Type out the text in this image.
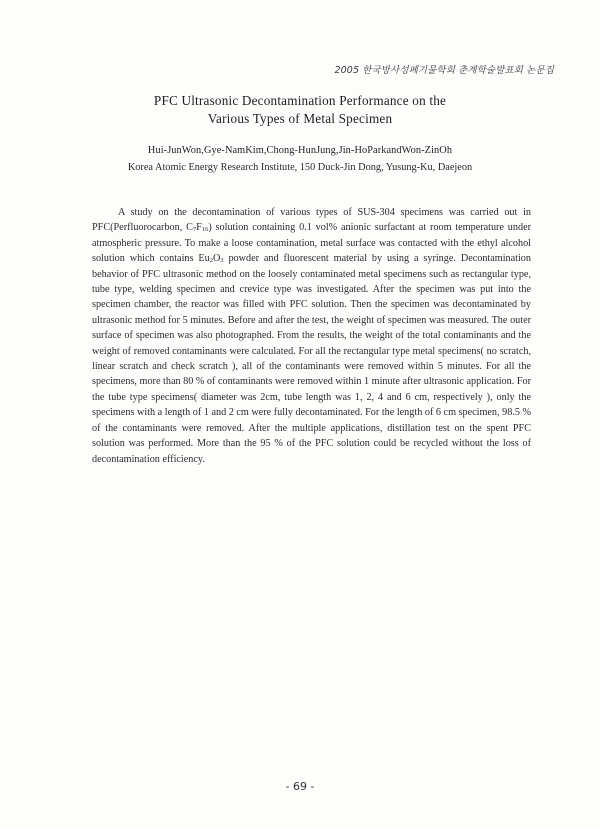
2005 한국방사성폐기물학회 춘계학술발표회 논문집
PFC Ultrasonic Decontamination Performance on the
Various Types of Metal Specimen
Hui-JunWon,Gye-NamKim,Chong-HunJung,Jin-HoParkandWon-ZinOh
Korea Atomic Energy Research Institute, 150 Duck-Jin Dong, Yusung-Ku, Daejeon

A study on the decontamination of various types of SUS-304 specimens was carried out in PFC(Perfluorocarbon, $C_7F_{16}$) solution containing 0.1 vol% anionic surfactant at room temperature under atmospheric pressure. To make a loose contamination, metal surface was contacted with the ethyl alcohol solution which contains $Eu_2O_3$ powder and fluorescent material by using a syringe. Decontamination behavior of PFC ultrasonic method on the loosely contaminated metal specimens such as rectangular type, tube type, welding specimen and crevice type was investigated. After the specimen was put into the specimen chamber, the reactor was filled with PFC solution. Then the specimen was decontaminated by ultrasonic method for 5 minutes. Before and after the test, the weight of specimen was measured. The outer surface of specimen was also photographed. From the results, the weight of the total contaminants and the weight of removed contaminants were calculated. For all the rectangular type metal specimens( no scratch, linear scratch and check scratch ), all of the contaminants were removed within 5 minutes. For all the specimens, more than 80 % of contaminants were removed within 1 minute after ultrasonic application. For the tube type specimens( diameter was 2cm, tube length was 1, 2, 4 and 6 cm, respectively ), only the specimens with a length of 1 and 2 cm were fully decontaminated. For the length of 6 cm specimen, 98.5 % of the contaminants were removed. After the multiple applications, distillation test on the spent PFC solution was performed. More than the 95 % of the PFC solution could be recycled without the loss of decontamination efficiency.

- 69 -
